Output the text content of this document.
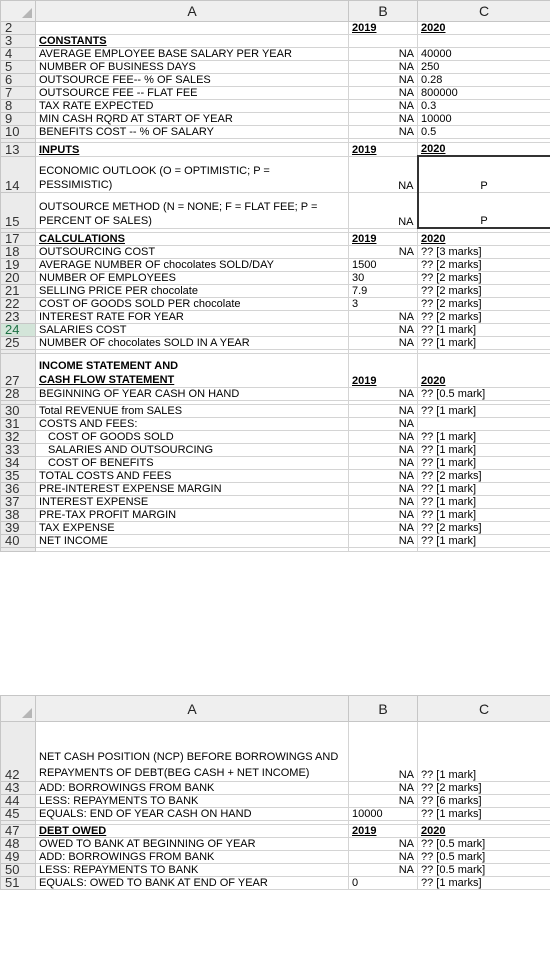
	A	B	C
2		2019	2020
3	CONSTANTS		
4	AVERAGE EMPLOYEE BASE SALARY PER YEAR	NA	40000
5	NUMBER OF BUSINESS DAYS	NA	250
6	OUTSOURCE FEE-- % OF SALES	NA	0.28
7	OUTSOURCE FEE -- FLAT FEE	NA	800000
8	TAX RATE EXPECTED	NA	0.3
9	MIN CASH RQRD AT START OF YEAR	NA	10000
10	BENEFITS COST -- % OF SALARY	NA	0.5

13	INPUTS	2019	2020
14	ECONOMIC OUTLOOK (O = OPTIMISTIC; P = PESSIMISTIC)	NA	P
15	OUTSOURCE METHOD (N = NONE; F = FLAT FEE; P = PERCENT OF SALES)	NA	P

17	CALCULATIONS	2019	2020
18	OUTSOURCING COST	NA	?? [3 marks]
19	AVERAGE NUMBER OF chocolates SOLD/DAY	1500	?? [2 marks]
20	NUMBER OF EMPLOYEES	30	?? [2 marks]
21	SELLING PRICE PER chocolate	7.9	?? [2 marks]
22	COST OF GOODS SOLD PER chocolate	3	?? [2 marks]
23	INTEREST RATE FOR YEAR	NA	?? [2 marks]
24	SALARIES COST	NA	?? [1 mark]
25	NUMBER OF chocolates SOLD IN A YEAR	NA	?? [1 mark]

27	INCOME STATEMENT AND
CASH FLOW STATEMENT	2019	2020
28	BEGINNING OF YEAR CASH ON HAND	NA	?? [0.5 mark]

30	Total REVENUE from SALES	NA	?? [1 mark]
31	COSTS AND FEES:	NA	
32	COST OF GOODS SOLD	NA	?? [1 mark]
33	SALARIES AND OUTSOURCING	NA	?? [1 mark]
34	COST OF BENEFITS	NA	?? [1 mark]
35	TOTAL COSTS AND FEES	NA	?? [2 marks]
36	PRE-INTEREST EXPENSE MARGIN	NA	?? [1 mark]
37	INTEREST EXPENSE	NA	?? [1 mark]
38	PRE-TAX PROFIT MARGIN	NA	?? [1 mark]
39	TAX EXPENSE	NA	?? [2 marks]
40	NET INCOME	NA	?? [1 mark]

	A	B	C
42	NET CASH POSITION (NCP) BEFORE BORROWINGS AND REPAYMENTS OF DEBT(BEG CASH + NET INCOME)	NA	?? [1 mark]
43	ADD: BORROWINGS FROM BANK	NA	?? [2 marks]
44	LESS: REPAYMENTS TO BANK	NA	?? [6 marks]
45	EQUALS: END OF YEAR CASH ON HAND	10000	?? [1 marks]

47	DEBT OWED	2019	2020
48	OWED TO BANK AT BEGINNING OF YEAR	NA	?? [0.5 mark]
49	ADD: BORROWINGS FROM BANK	NA	?? [0.5 mark]
50	LESS: REPAYMENTS TO BANK	NA	?? [0.5 mark]
51	EQUALS: OWED TO BANK AT END OF YEAR	0	?? [1 marks]
